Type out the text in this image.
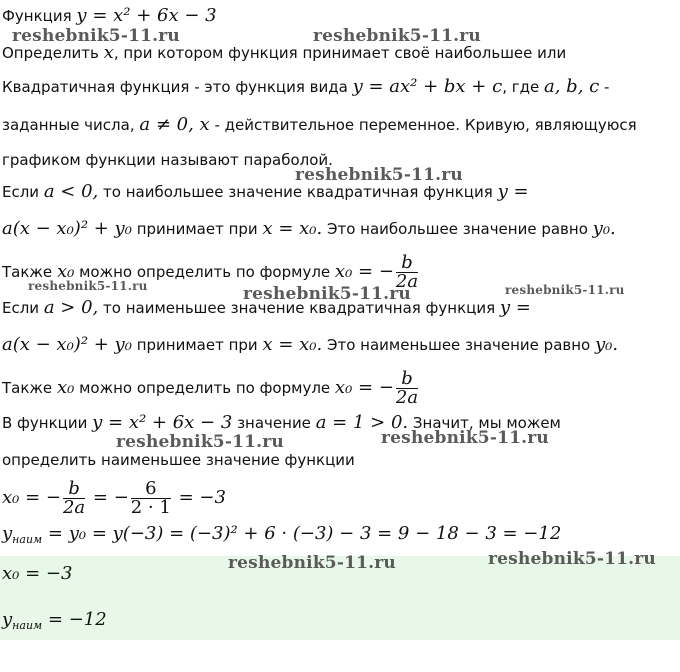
Функция y = x² + 6x − 3
Определить x, при котором функция принимает своё наибольшее или
Квадратичная функция - это функция вида y = ax² + bx + c, где a, b, c -
заданные числа, a ≠ 0, x - действительное переменное. Кривую, являющуюся
графиком функции называют параболой.
Если a < 0, то наибольшее значение квадратичная функция y =
a(x − x₀)² + y₀ принимает при x = x₀. Это наибольшее значение равно y₀.
Также x₀ можно определить по формуле x₀ = − $\frac{b}{2a}$
Если a > 0, то наименьшее значение квадратичная функция y =
a(x − x₀)² + y₀ принимает при x = x₀. Это наименьшее значение равно y₀.
Также x₀ можно определить по формуле x₀ = − $\frac{b}{2a}$
В функции y = x² + 6x − 3 значение a = 1 > 0. Значит, мы можем
определить наименьшее значение функции
x₀ = − $\frac{b}{2a}$ = − $\frac{6}{2 \cdot 1} = -3$
$y_{наим} = y_0 = y(-3) = (-3)^2 + 6 \cdot (-3) - 3 = 9 - 18 - 3 = -12$
x₀ = −3
$y_{наим} = -12$
reshebnik5-11.ru	reshebnik5-11.ru
reshebnik5-11.ru
reshebnik5-11.ru	reshebnik5-11.ru	reshebnik5-11.ru
reshebnik5-11.ru	reshebnik5-11.ru
reshebnik5-11.ru	reshebnik5-11.ru
